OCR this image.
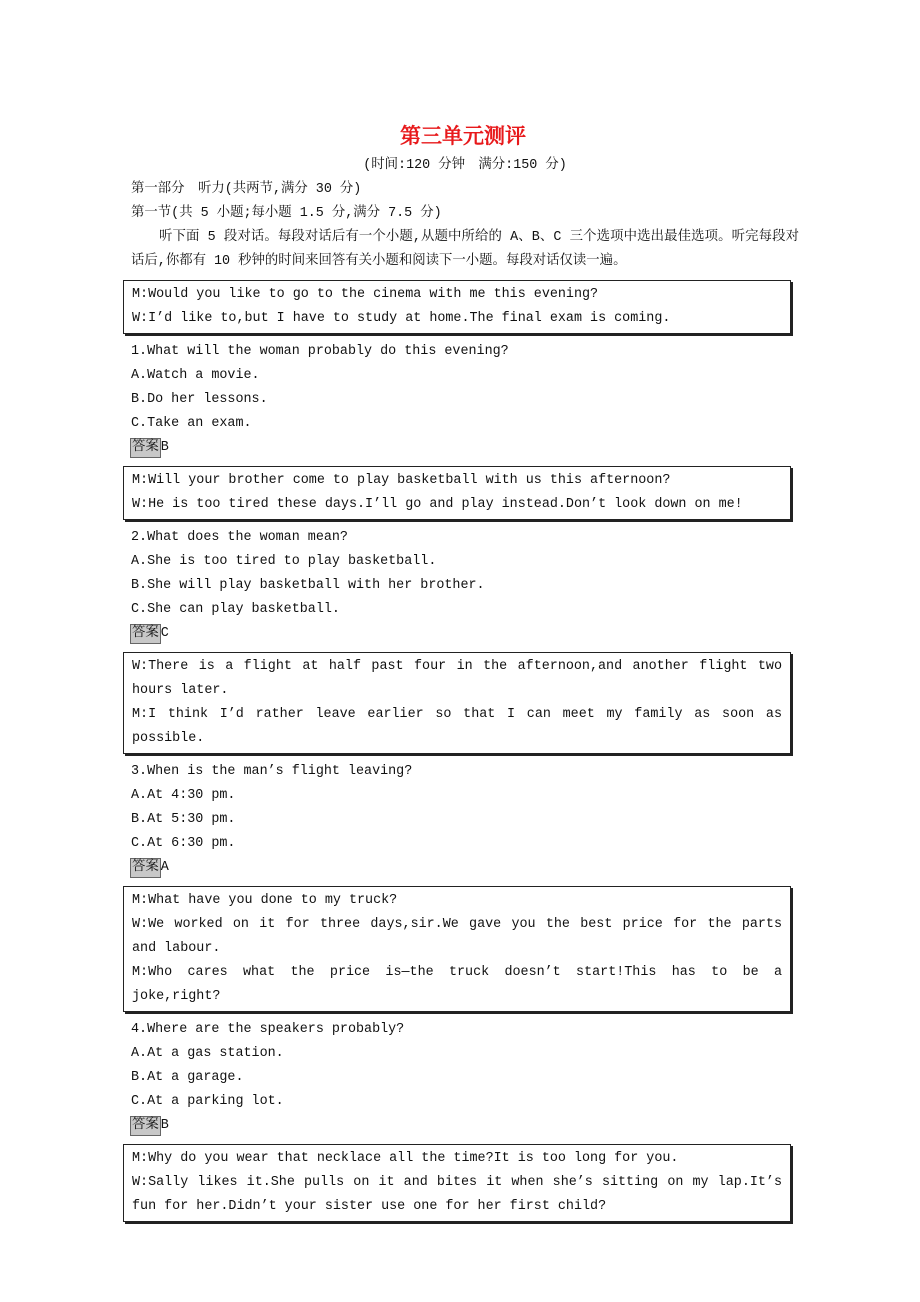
第三单元测评
(时间:120 分钟　满分:150 分)
第一部分　听力(共两节,满分 30 分)
第一节(共 5 小题;每小题 1.5 分,满分 7.5 分)
听下面 5 段对话。每段对话后有一个小题,从题中所给的 A、B、C 三个选项中选出最佳选项。听完每段对话后,你都有 10 秒钟的时间来回答有关小题和阅读下一小题。每段对话仅读一遍。
M:Would you like to go to the cinema with me this evening?
W:I’d like to,but I have to study at home.The final exam is coming.
1.What will the woman probably do this evening?
A.Watch a movie.
B.Do her lessons.
C.Take an exam.
答案 B
M:Will your brother come to play basketball with us this afternoon?
W:He is too tired these days.I’ll go and play instead.Don’t look down on me!
2.What does the woman mean?
A.She is too tired to play basketball.
B.She will play basketball with her brother.
C.She can play basketball.
答案 C
W:There is a flight at half past four in the afternoon,and another flight two hours later.
M:I think I’d rather leave earlier so that I can meet my family as soon as possible.
3.When is the man’s flight leaving?
A.At 4:30 pm.
B.At 5:30 pm.
C.At 6:30 pm.
答案 A
M:What have you done to my truck?
W:We worked on it for three days,sir.We gave you the best price for the parts and labour.
M:Who cares what the price is—the truck doesn’t start!This has to be a joke,right?
4.Where are the speakers probably?
A.At a gas station.
B.At a garage.
C.At a parking lot.
答案 B
M:Why do you wear that necklace all the time?It is too long for you.
W:Sally likes it.She pulls on it and bites it when she’s sitting on my lap.It’s fun for her.Didn’t your sister use one for her first child?
